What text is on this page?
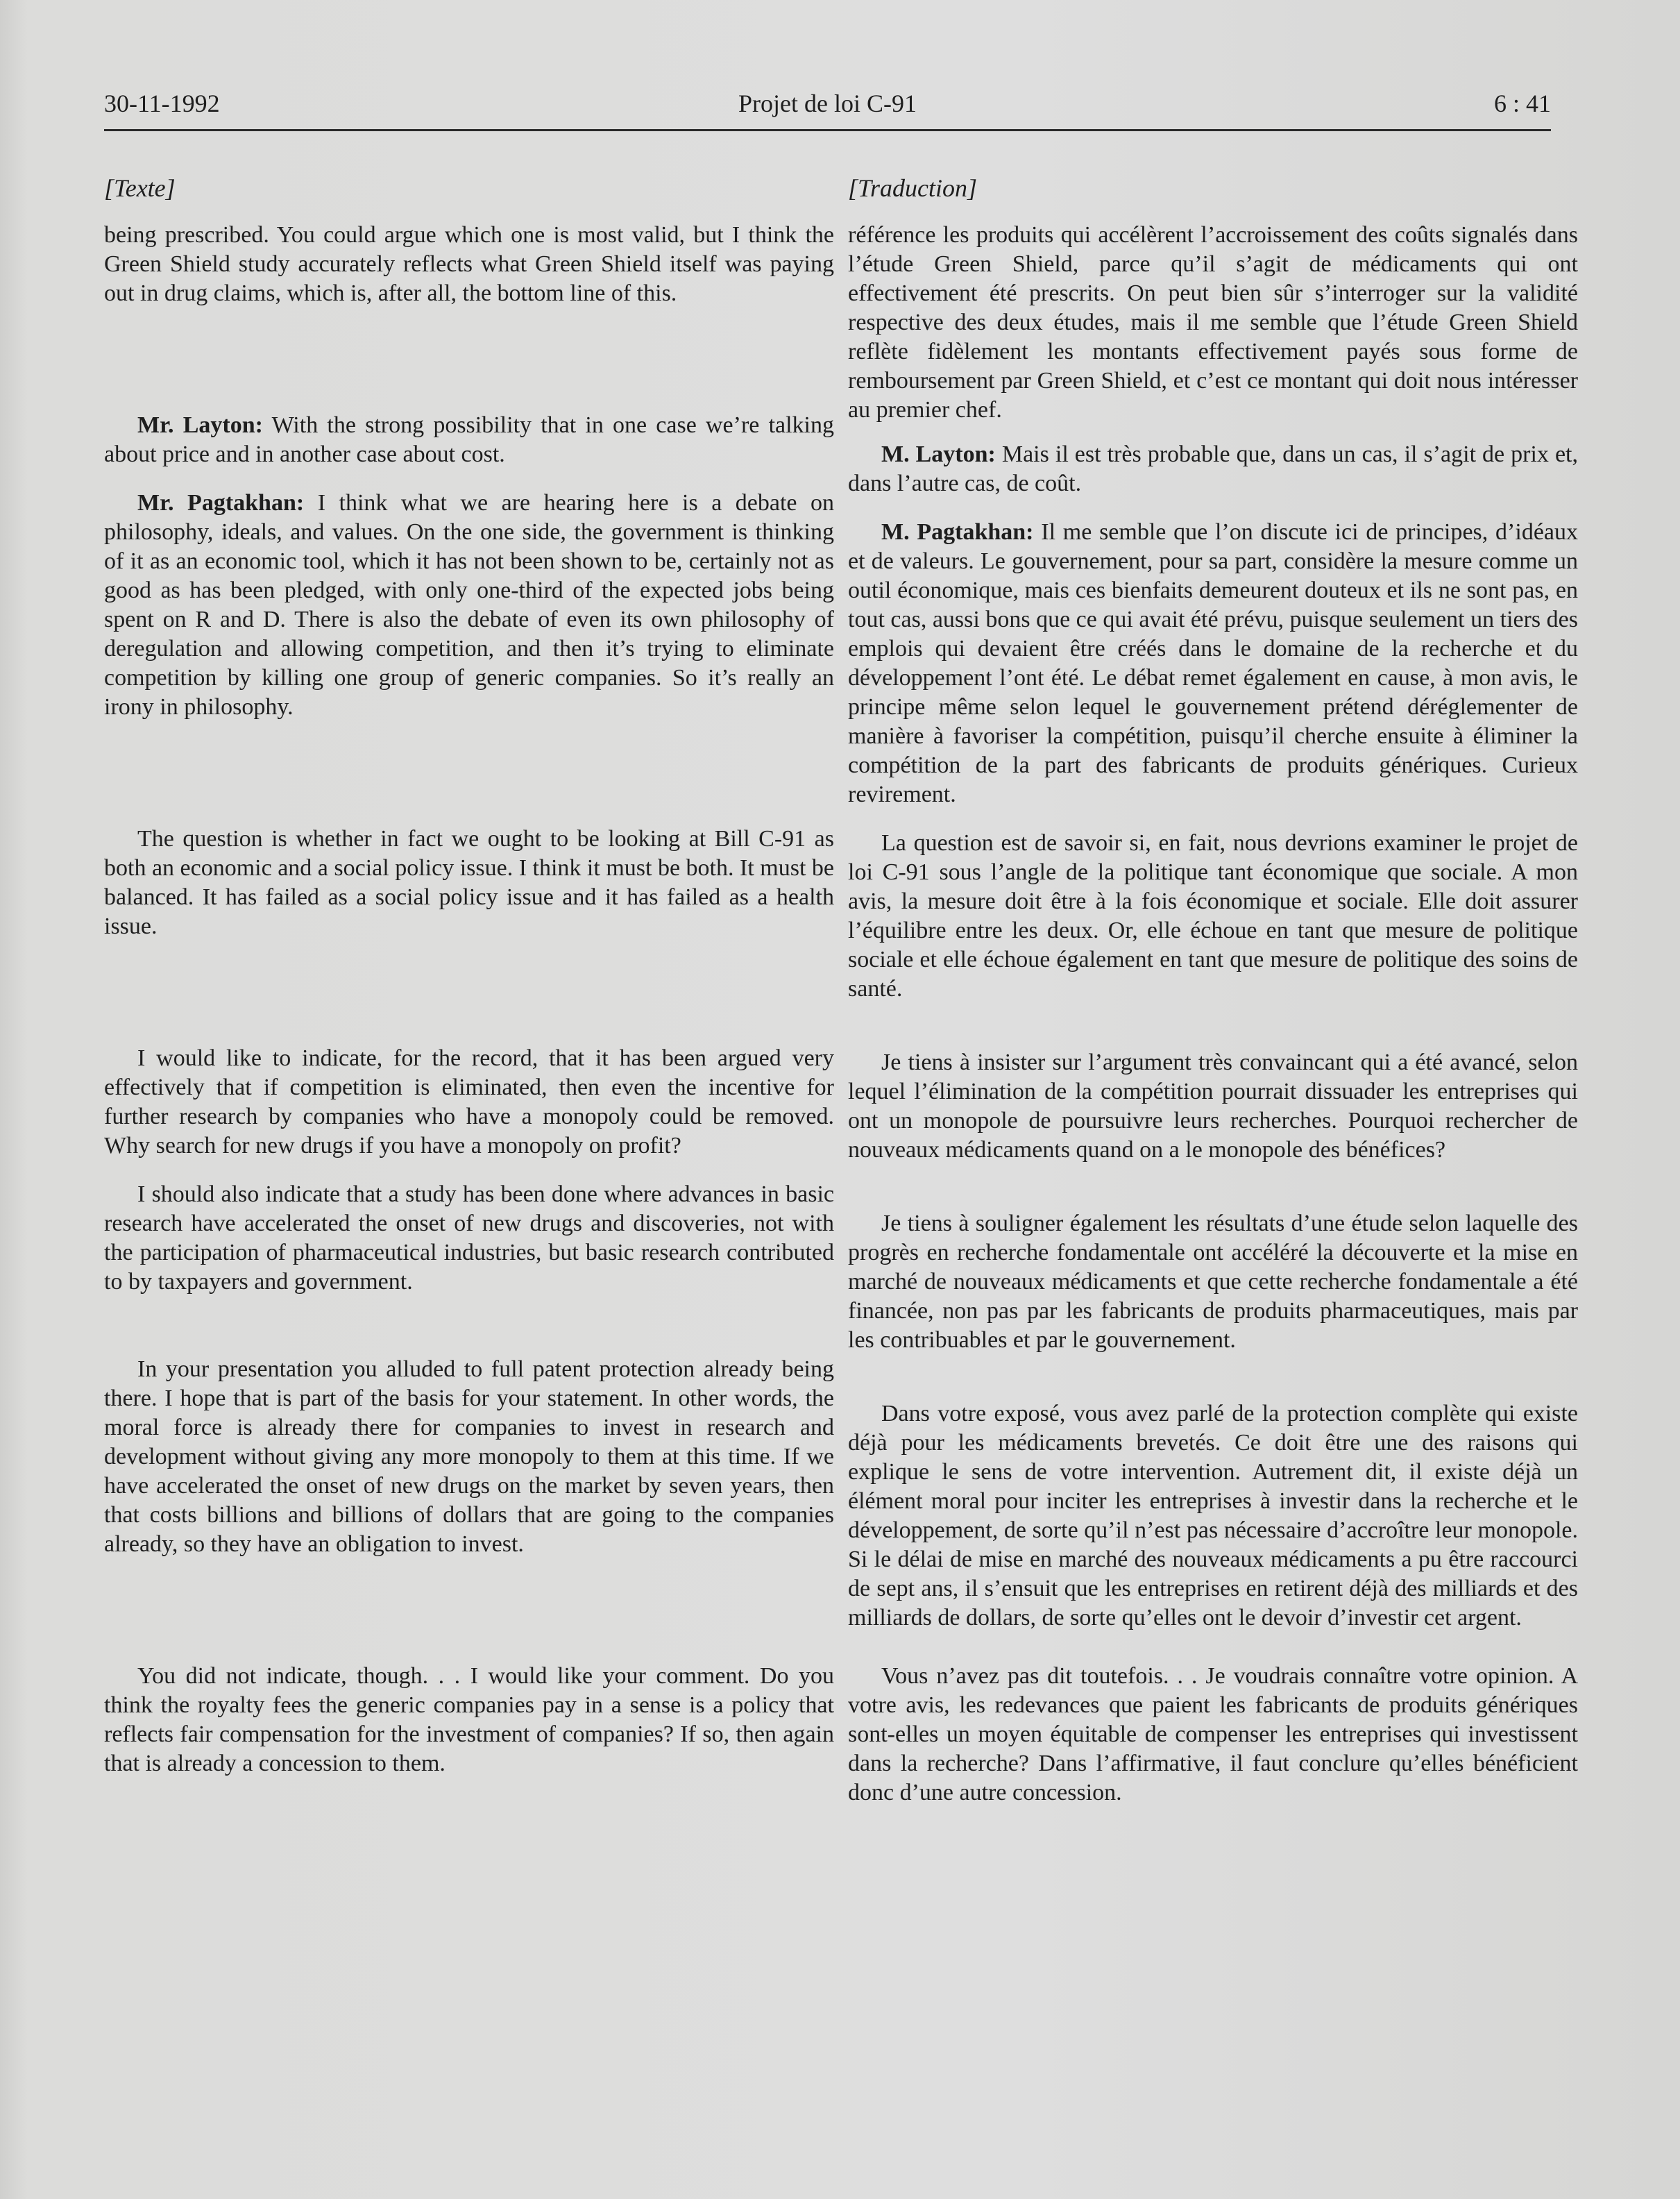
30-11-1992	Projet de loi C-91	6 : 41
[Texte]

being prescribed. You could argue which one is most valid, but I think the Green Shield study accurately reflects what Green Shield itself was paying out in drug claims, which is, after all, the bottom line of this.

Mr. Layton: With the strong possibility that in one case we’re talking about price and in another case about cost.

Mr. Pagtakhan: I think what we are hearing here is a debate on philosophy, ideals, and values. On the one side, the government is thinking of it as an economic tool, which it has not been shown to be, certainly not as good as has been pledged, with only one-third of the expected jobs being spent on R and D. There is also the debate of even its own philosophy of deregulation and allowing competition, and then it’s trying to eliminate competition by killing one group of generic companies. So it’s really an irony in philosophy.

The question is whether in fact we ought to be looking at Bill C-91 as both an economic and a social policy issue. I think it must be both. It must be balanced. It has failed as a social policy issue and it has failed as a health issue.

I would like to indicate, for the record, that it has been argued very effectively that if competition is eliminated, then even the incentive for further research by companies who have a monopoly could be removed. Why search for new drugs if you have a monopoly on profit?

I should also indicate that a study has been done where advances in basic research have accelerated the onset of new drugs and discoveries, not with the participation of pharmaceutical industries, but basic research contributed to by taxpayers and government.

In your presentation you alluded to full patent protection already being there. I hope that is part of the basis for your statement. In other words, the moral force is already there for companies to invest in research and development without giving any more monopoly to them at this time. If we have accelerated the onset of new drugs on the market by seven years, then that costs billions and billions of dollars that are going to the companies already, so they have an obligation to invest.

You did not indicate, though. . . I would like your comment. Do you think the royalty fees the generic companies pay in a sense is a policy that reflects fair compensation for the investment of companies? If so, then again that is already a concession to them.

[Traduction]

référence les produits qui accélèrent l’accroissement des coûts signalés dans l’étude Green Shield, parce qu’il s’agit de médicaments qui ont effectivement été prescrits. On peut bien sûr s’interroger sur la validité respective des deux études, mais il me semble que l’étude Green Shield reflète fidèlement les montants effectivement payés sous forme de remboursement par Green Shield, et c’est ce montant qui doit nous intéresser au premier chef.

M. Layton: Mais il est très probable que, dans un cas, il s’agit de prix et, dans l’autre cas, de coût.

M. Pagtakhan: Il me semble que l’on discute ici de principes, d’idéaux et de valeurs. Le gouvernement, pour sa part, considère la mesure comme un outil économique, mais ces bienfaits demeurent douteux et ils ne sont pas, en tout cas, aussi bons que ce qui avait été prévu, puisque seulement un tiers des emplois qui devaient être créés dans le domaine de la recherche et du développement l’ont été. Le débat remet également en cause, à mon avis, le principe même selon lequel le gouvernement prétend déréglementer de manière à favoriser la compétition, puisqu’il cherche ensuite à éliminer la compétition de la part des fabricants de produits génériques. Curieux revirement.

La question est de savoir si, en fait, nous devrions examiner le projet de loi C-91 sous l’angle de la politique tant économique que sociale. A mon avis, la mesure doit être à la fois économique et sociale. Elle doit assurer l’équilibre entre les deux. Or, elle échoue en tant que mesure de politique sociale et elle échoue également en tant que mesure de politique des soins de santé.

Je tiens à insister sur l’argument très convaincant qui a été avancé, selon lequel l’élimination de la compétition pourrait dissuader les entreprises qui ont un monopole de poursuivre leurs recherches. Pourquoi rechercher de nouveaux médicaments quand on a le monopole des bénéfices?

Je tiens à souligner également les résultats d’une étude selon laquelle des progrès en recherche fondamentale ont accéléré la découverte et la mise en marché de nouveaux médicaments et que cette recherche fondamentale a été financée, non pas par les fabricants de produits pharmaceutiques, mais par les contribuables et par le gouvernement.

Dans votre exposé, vous avez parlé de la protection complète qui existe déjà pour les médicaments brevetés. Ce doit être une des raisons qui explique le sens de votre intervention. Autrement dit, il existe déjà un élément moral pour inciter les entreprises à investir dans la recherche et le développement, de sorte qu’il n’est pas nécessaire d’accroître leur monopole. Si le délai de mise en marché des nouveaux médicaments a pu être raccourci de sept ans, il s’ensuit que les entreprises en retirent déjà des milliards et des milliards de dollars, de sorte qu’elles ont le devoir d’investir cet argent.

Vous n’avez pas dit toutefois. . . Je voudrais connaître votre opinion. A votre avis, les redevances que paient les fabricants de produits génériques sont-elles un moyen équitable de compenser les entreprises qui investissent dans la recherche? Dans l’affirmative, il faut conclure qu’elles bénéficient donc d’une autre concession.
